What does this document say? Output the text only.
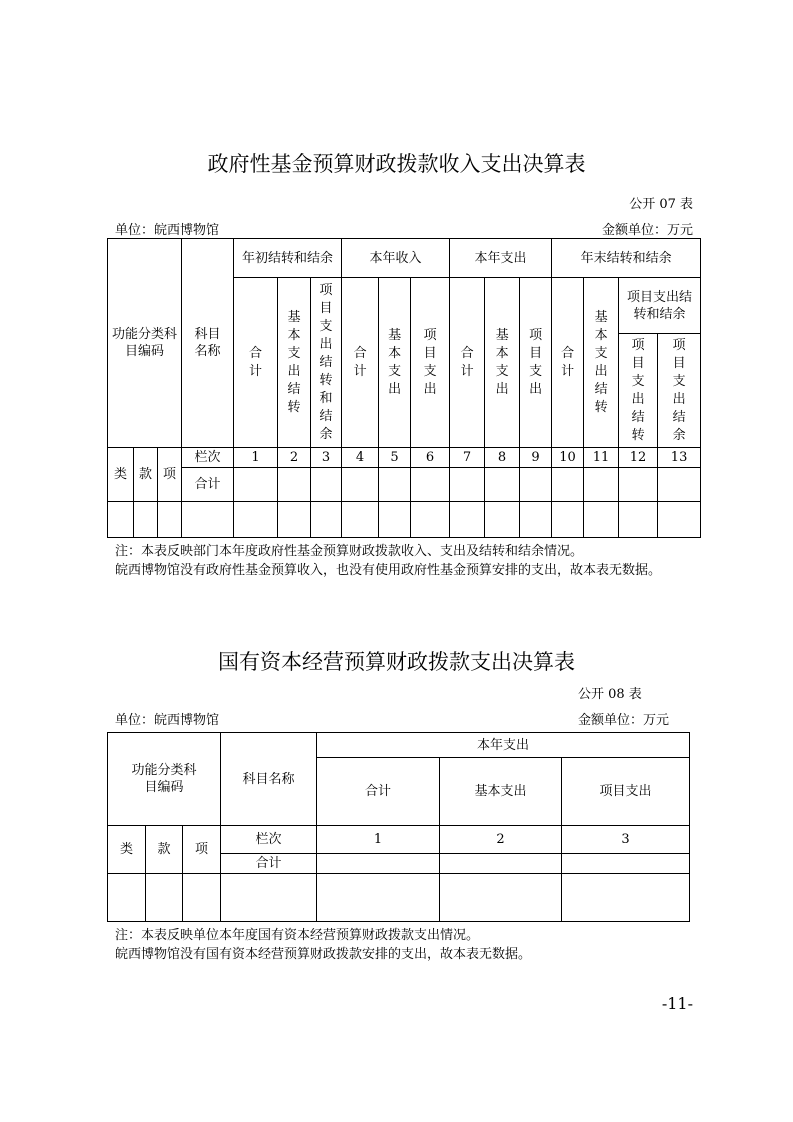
政府性基金预算财政拨款收入支出决算表
公开 07 表
单位：皖西博物馆	金额单位：万元
功能分类科目编码			科目名称	年初结转和结余			本年收入			本年支出			年末结转和结余			

				合计	基本支出结转	项目支出结转和结余	合计	基本支出	项目支出	合计	基本支出	项目支出	合计	基本支出结转	项目支出结转和结余	

															项目支出结转	项目支出结余

类	款	项	栏次	1	2	3	4	5	6	7	8	9	10	11	12	13
			合计													

注：本表反映部门本年度政府性基金预算财政拨款收入、支出及结转和结余情况。
皖西博物馆没有政府性基金预算收入，也没有使用政府性基金预算安排的支出，故本表无数据。
国有资本经营预算财政拨款支出决算表
公开 08 表
单位：皖西博物馆	金额单位：万元
功能分类科目编码			科目名称	本年支出		
				合计	基本支出	项目支出
类	款	项	栏次	1	2	3
			合计			

注：本表反映单位本年度国有资本经营预算财政拨款支出情况。
皖西博物馆没有国有资本经营预算财政拨款安排的支出，故本表无数据。
-11-
